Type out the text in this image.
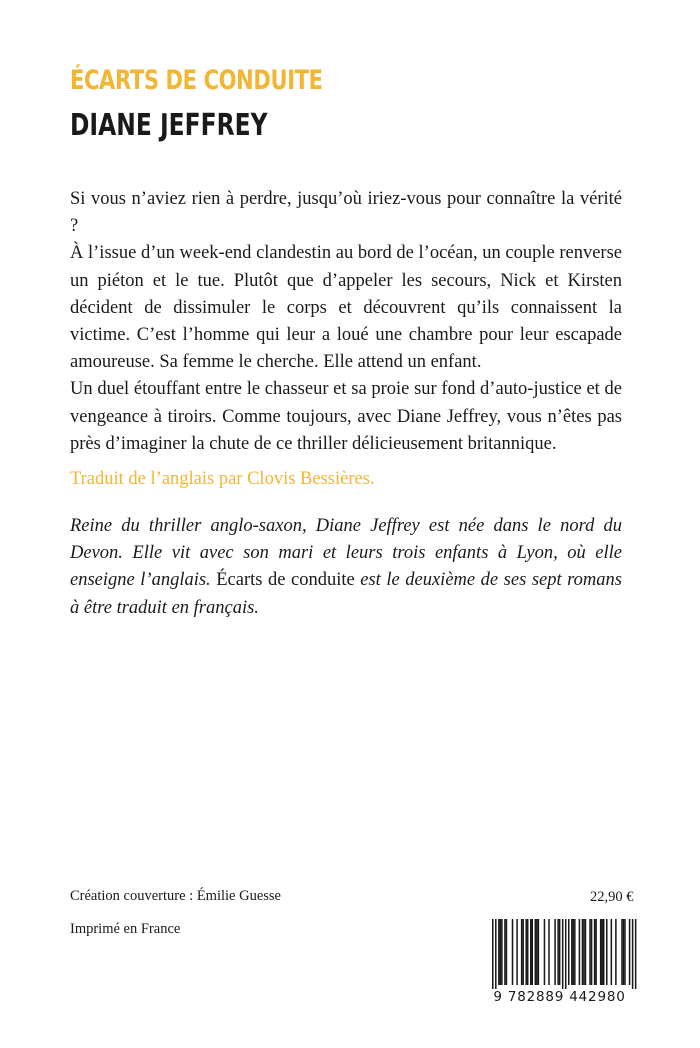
ÉCARTS DE CONDUITE
DIANE JEFFREY

Si vous n’aviez rien à perdre, jusqu’où iriez-vous pour connaître la vérité ?

À l’issue d’un week-end clandestin au bord de l’océan, un couple renverse un piéton et le tue. Plutôt que d’appeler les secours, Nick et Kirsten décident de dissimuler le corps et découvrent qu’ils connaissent la victime. C’est l’homme qui leur a loué une chambre pour leur escapade amoureuse. Sa femme le cherche. Elle attend un enfant.

Un duel étouffant entre le chasseur et sa proie sur fond d’auto-justice et de vengeance à tiroirs. Comme toujours, avec Diane Jeffrey, vous n’êtes pas près d’imaginer la chute de ce thriller délicieusement britannique.

Traduit de l’anglais par Clovis Bessières.
Reine du thriller anglo-saxon, Diane Jeffrey est née dans le nord du Devon. Elle vit avec son mari et leurs trois enfants à Lyon, où elle enseigne l’anglais. Écarts de conduite est le deuxième de ses sept romans à être traduit en français.
Création couverture : Émilie Guesse
Imprimé en France
22,90 €
9 782889 442980
